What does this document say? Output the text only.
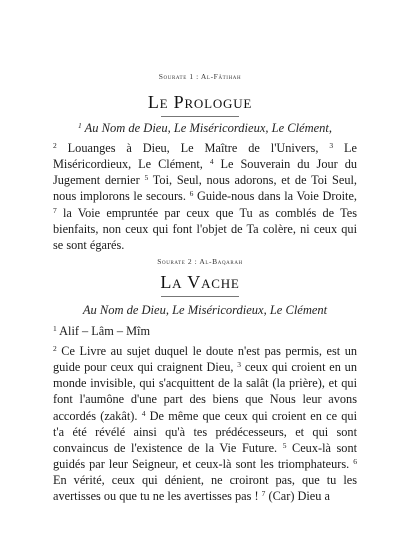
Sourate 1 : Al-Fâtihah
Le Prologue
$^1$ Au Nom de Dieu, Le Miséricordieux, Le Clément,

$^2$ Louanges à Dieu, Le Maître de l'Univers, $^3$ Le Miséricordieux, Le Clément, $^4$ Le Souverain du Jour du Jugement dernier $^5$ Toi, Seul, nous adorons, et de Toi Seul, nous implorons le secours. $^6$ Guide-nous dans la Voie Droite, $^7$ la Voie empruntée par ceux que Tu as comblés de Tes bienfaits, non ceux qui font l'objet de Ta colère, ni ceux qui se sont égarés.

Sourate 2 : Al-Baqarah
La Vache
Au Nom de Dieu, Le Miséricordieux, Le Clément

$^1$ Alif – Lâm – Mîm

$^2$ Ce Livre au sujet duquel le doute n'est pas permis, est un guide pour ceux qui craignent Dieu, $^3$ ceux qui croient en un monde invisible, qui s'acquittent de la salât (la prière), et qui font l'aumône d'une part des biens que Nous leur avons accordés (zakât). $^4$ De même que ceux qui croient en ce qui t'a été révélé ainsi qu'à tes prédécesseurs, et qui sont convaincus de l'existence de la Vie Future. $^5$ Ceux-là sont guidés par leur Seigneur, et ceux-là sont les triomphateurs. $^6$ En vérité, ceux qui dénient, ne croiront pas, que tu les avertisses ou que tu ne les avertisses pas ! $^7$ (Car) Dieu a
